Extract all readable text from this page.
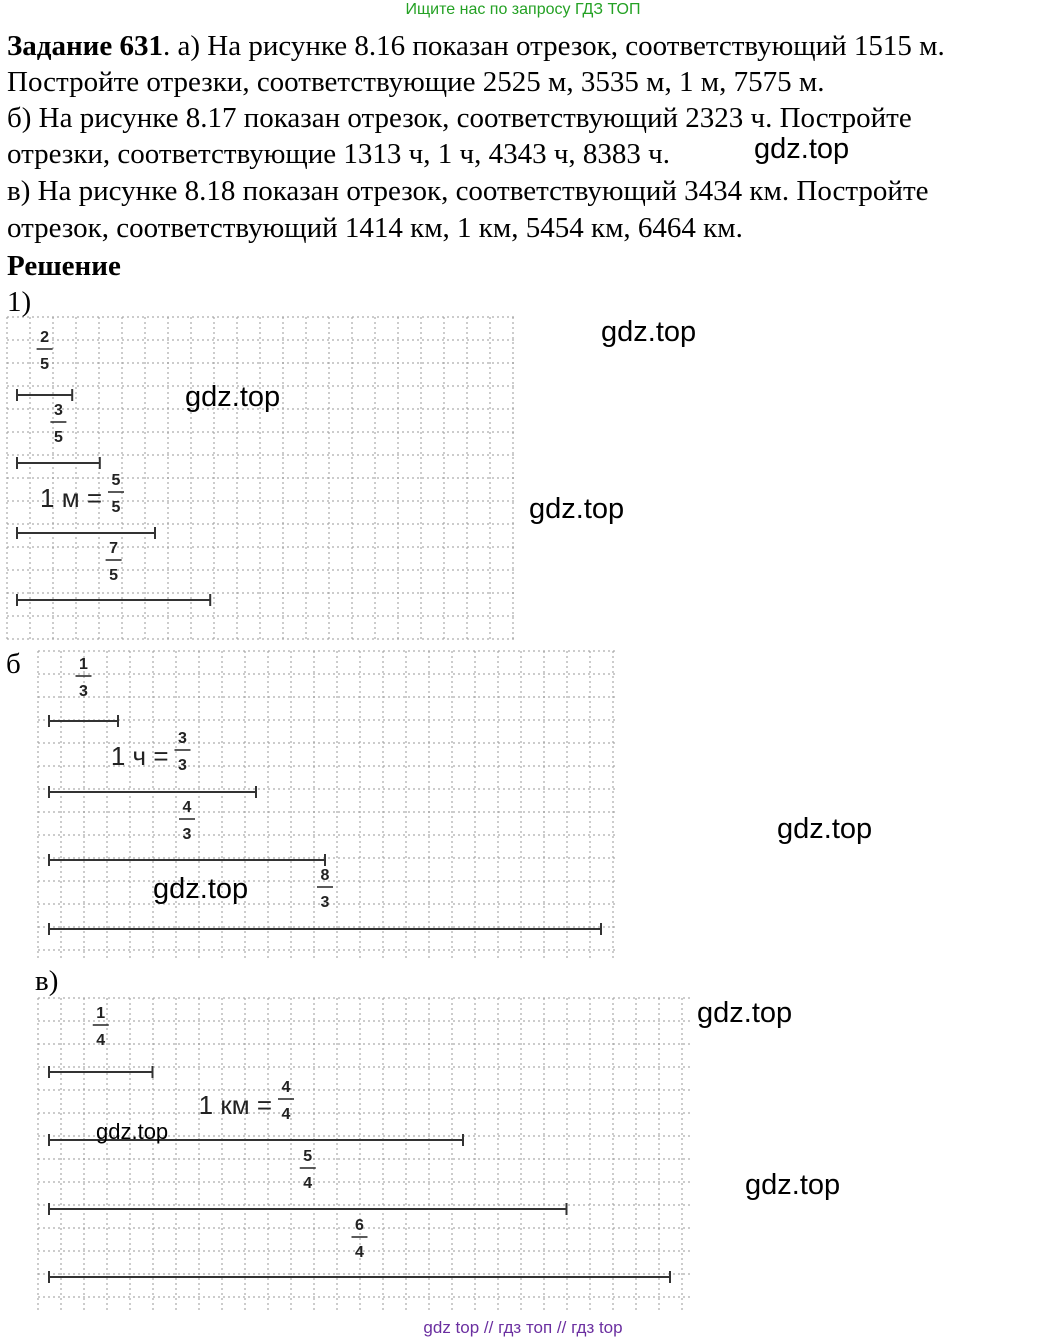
Ищите нас по запросу ГДЗ ТОП
Задание 631. а) На рисунке 8.16 показан отрезок, соответствующий 1515 м.
Постройте отрезки, соответствующие 2525 м, 3535 м, 1 м, 7575 м.
б) На рисунке 8.17 показан отрезок, соответствующий 2323 ч. Постройте
отрезки, соответствующие 1313 ч, 1 ч, 4343 ч, 8383 ч.
в) На рисунке 8.18 показан отрезок, соответствующий 3434 км. Постройте
отрезок, соответствующий 1414 км, 1 км, 5454 км, 6464 км.
Решение
1)
б
в)
2
5
3
5
5
5
1 м =
7
5
1
3
3
3
1 ч =
4
3
8
3
1
4
4
4
1 км =
5
4
6
4
gdz.top
gdz.top
gdz.top
gdz.top
gdz.top
gdz.top
gdz.top
gdz.top
gdz.top
gdz top // гдз топ // гдз top
